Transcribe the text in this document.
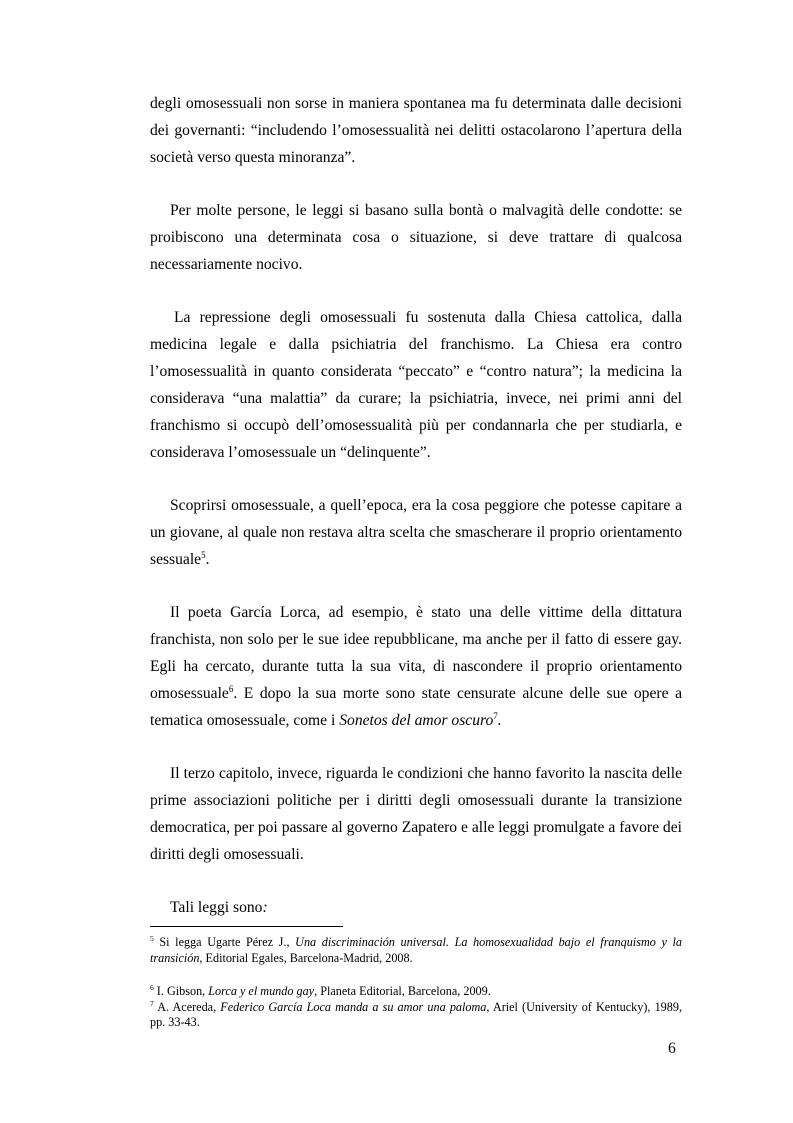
degli omosessuali non sorse in maniera spontanea ma fu determinata dalle decisioni dei governanti: “includendo l’omosessualità nei delitti ostacolarono l’apertura della società verso questa minoranza”.

Per molte persone, le leggi si basano sulla bontà o malvagità delle condotte: se proibiscono una determinata cosa o situazione, si deve trattare di qualcosa necessariamente nocivo.

La repressione degli omosessuali fu sostenuta dalla Chiesa cattolica, dalla medicina legale e dalla psichiatria del franchismo. La Chiesa era contro l’omosessualità in quanto considerata “peccato” e “contro natura”; la medicina la considerava “una malattia” da curare; la psichiatria, invece, nei primi anni del franchismo si occupò dell’omosessualità più per condannarla che per studiarla, e considerava l’omosessuale un “delinquente”.

Scoprirsi omosessuale, a quell’epoca, era la cosa peggiore che potesse capitare a un giovane, al quale non restava altra scelta che smascherare il proprio orientamento sessuale$^5$.

Il poeta García Lorca, ad esempio, è stato una delle vittime della dittatura franchista, non solo per le sue idee repubblicane, ma anche per il fatto di essere gay. Egli ha cercato, durante tutta la sua vita, di nascondere il proprio orientamento omosessuale$^6$. E dopo la sua morte sono state censurate alcune delle sue opere a tematica omosessuale, come i Sonetos del amor oscuro$^7$.

Il terzo capitolo, invece, riguarda le condizioni che hanno favorito la nascita delle prime associazioni politiche per i diritti degli omosessuali durante la transizione democratica, per poi passare al governo Zapatero e alle leggi promulgate a favore dei diritti degli omosessuali.

Tali leggi sono:

$^5$ Si legga Ugarte Pérez J., Una discriminación universal. La homosexualidad bajo el franquismo y la transición, Editorial Egales, Barcelona-Madrid, 2008.

$^6$ I. Gibson, Lorca y el mundo gay, Planeta Editorial, Barcelona, 2009.

$^7$ A. Acereda, Federico García Loca manda a su amor una paloma, Ariel (University of Kentucky), 1989, pp. 33-43.

6
